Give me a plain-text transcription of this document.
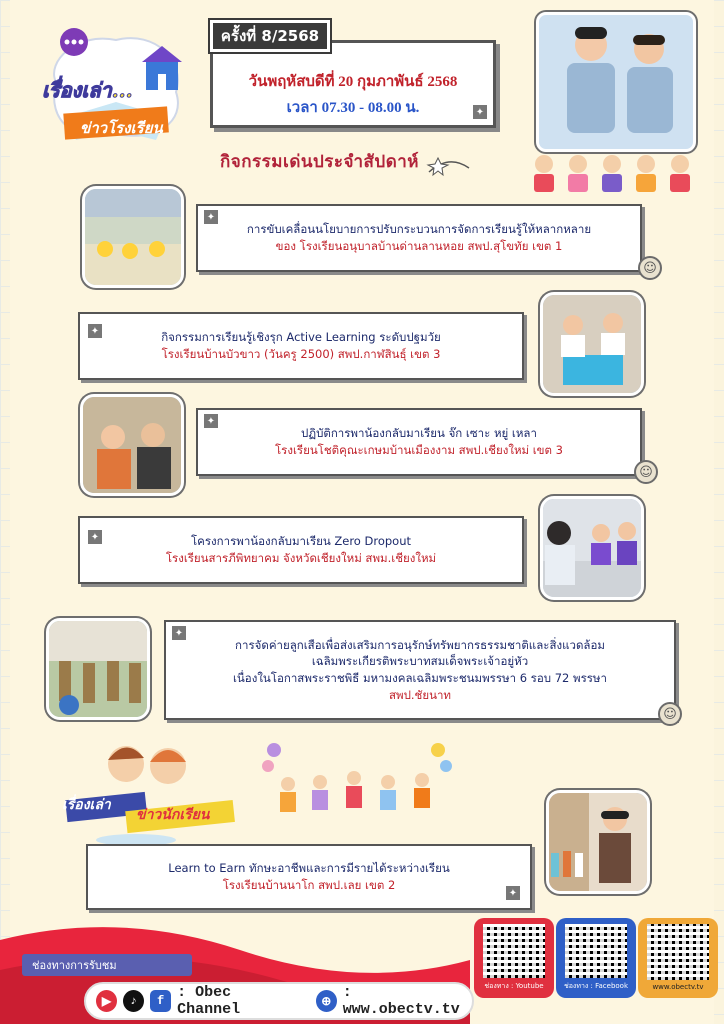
เรื่องเล่า...
ข่าวโรงเรียน
วันพฤหัสบดีที่ 20 กุมภาพันธ์ 2568
เวลา 07.30 - 08.00 น.	✦
ครั้งที่ 8/2568
กิจกรรมเด่นประจำสัปดาห์
การขับเคลื่อนนโยบายการปรับกระบวนการจัดการเรียนรู้ให้หลากหลาย
ของ โรงเรียนอนุบาลบ้านด่านลานหอย สพป.สุโขทัย เขต 1
✦
☺
กิจกรรมการเรียนรู้เชิงรุก Active Learning ระดับปฐมวัย
โรงเรียนบ้านบัวขาว (วันครู 2500) สพป.กาฬสินธุ์ เขต 3
✦
ปฏิบัติการพาน้องกลับมาเรียน จ๊ก เซาะ หยู่ เหลา
โรงเรียนโชติคุณะเกษมบ้านเมืองงาม สพป.เชียงใหม่ เขต 3
✦
☺
โครงการพาน้องกลับมาเรียน Zero Dropout
โรงเรียนสารภีพิทยาคม จังหวัดเชียงใหม่ สพม.เชียงใหม่
✦
การจัดค่ายลูกเสือเพื่อส่งเสริมการอนุรักษ์ทรัพยากรธรรมชาติและสิ่งแวดล้อม
เฉลิมพระเกียรติพระบาทสมเด็จพระเจ้าอยู่หัว
เนื่องในโอกาสพระราชพิธี มหามงคลเฉลิมพระชนมพรรษา 6 รอบ 72 พรรษา
สพป.ชัยนาท
✦
☺
เรื่องเล่า
ข่าวนักเรียน
Learn to Earn ทักษะอาชีพและการมีรายได้ระหว่างเรียน
โรงเรียนบ้านนาโก สพป.เลย เขต 2
✦
ช่องทางการรับชม
▶	♪	f : Obec Channel	⊕
: www.obectv.tv
ช่องทาง : Youtube	ช่องทาง : Facebook	www.obectv.tv
